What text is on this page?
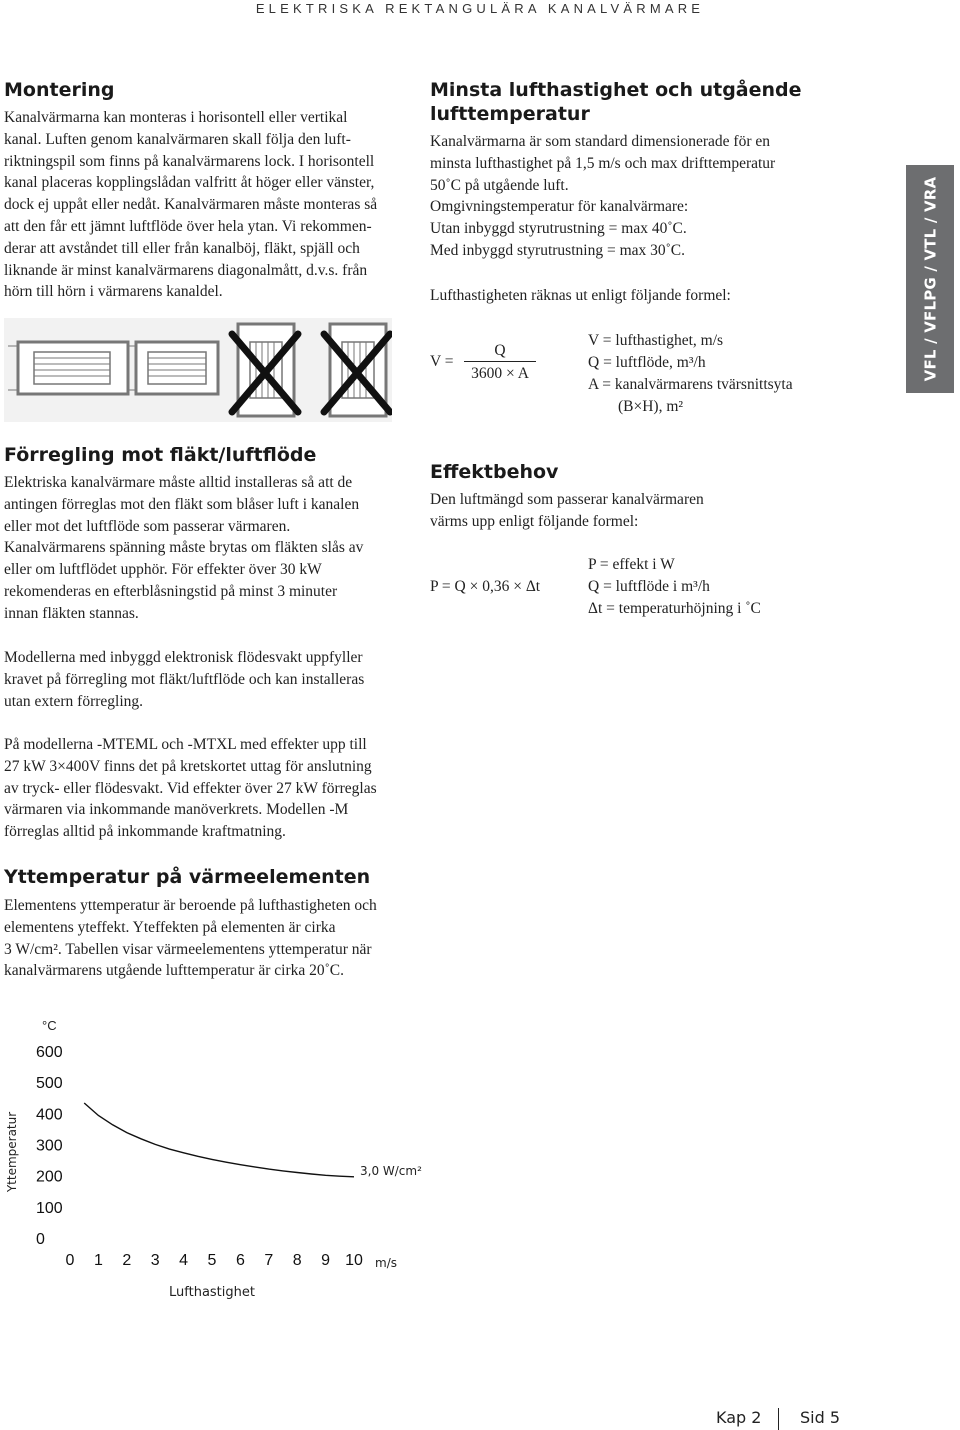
ELEKTRISKA REKTANGULÄRA KANALVÄRMARE
VFL / VFLPG / VTL / VRA
Montering

Kanalvärmarna kan monteras i horisontell eller vertikal

kanal. Luften genom kanalvärmaren skall följa den luft-

riktningspil som finns på kanalvärmarens lock. I horisontell

kanal placeras kopplingslådan valfritt åt höger eller vänster,

dock ej uppåt eller nedåt. Kanalvärmaren måste monteras så

att den får ett jämnt luftflöde över hela ytan. Vi rekommen-

derar att avståndet till eller från kanalböj, fläkt, spjäll och

liknande är minst kanalvärmarens diagonalmått, d.v.s. från

hörn till hörn i värmarens kanaldel.

Förregling mot fläkt/luftflöde

Elektriska kanalvärmare måste alltid installeras så att de

antingen förreglas mot den fläkt som blåser luft i kanalen

eller mot det luftflöde som passerar värmaren.

Kanalvärmarens spänning måste brytas om fläkten slås av

eller om luftflödet upphör. För effekter över 30 kW

rekomenderas en efterblåsningstid på minst 3 minuter

innan fläkten stannas.

Modellerna med inbyggd elektronisk flödesvakt uppfyller

kravet på förregling mot fläkt/luftflöde och kan installeras

utan extern förregling.

På modellerna -MTEML och -MTXL med effekter upp till

27 kW 3×400V finns det på kretskortet uttag för anslutning

av tryck- eller flödesvakt. Vid effekter över 27 kW förreglas

värmaren via inkommande manöverkrets. Modellen -M

förreglas alltid på inkommande kraftmatning.

Yttemperatur på värmeelementen

Elementens yttemperatur är beroende på lufthastigheten och

elementens yteffekt. Yteffekten på elementen är cirka

3 W/cm². Tabellen visar värmeelementens yttemperatur när

kanalvärmarens utgående lufttemperatur är cirka 20˚C.

°C
Yttemperatur
Lufthastighet
m/s
0
100
200
300
400
500
600
0 1 2 3 4 5 6 7 8 9 10
3,0 W/cm²
Minsta lufthastighet och utgående
lufttemperatur

Kanalvärmarna är som standard dimensionerade för en

minsta lufthastighet på 1,5 m/s och max drifttemperatur

50˚C på utgående luft.

Omgivningstemperatur för kanalvärmare:

Utan inbyggd styrutrustning = max 40˚C.

Med inbyggd styrutrustning = max 30˚C.

Lufthastigheten räknas ut enligt följande formel:
V =
Q
3600 × A
V = lufthastighet, m/s
Q = luftflöde, m³/h
A = kanalvärmarens tvärsnittsyta
(B×H), m²
Effektbehov

Den luftmängd som passerar kanalvärmaren

värms upp enligt följande formel:

P = Q × 0,36 × Δt
P = effekt i W
Q = luftflöde i m³/h
Δt = temperaturhöjning i ˚C
Kap 2 Sid 5
